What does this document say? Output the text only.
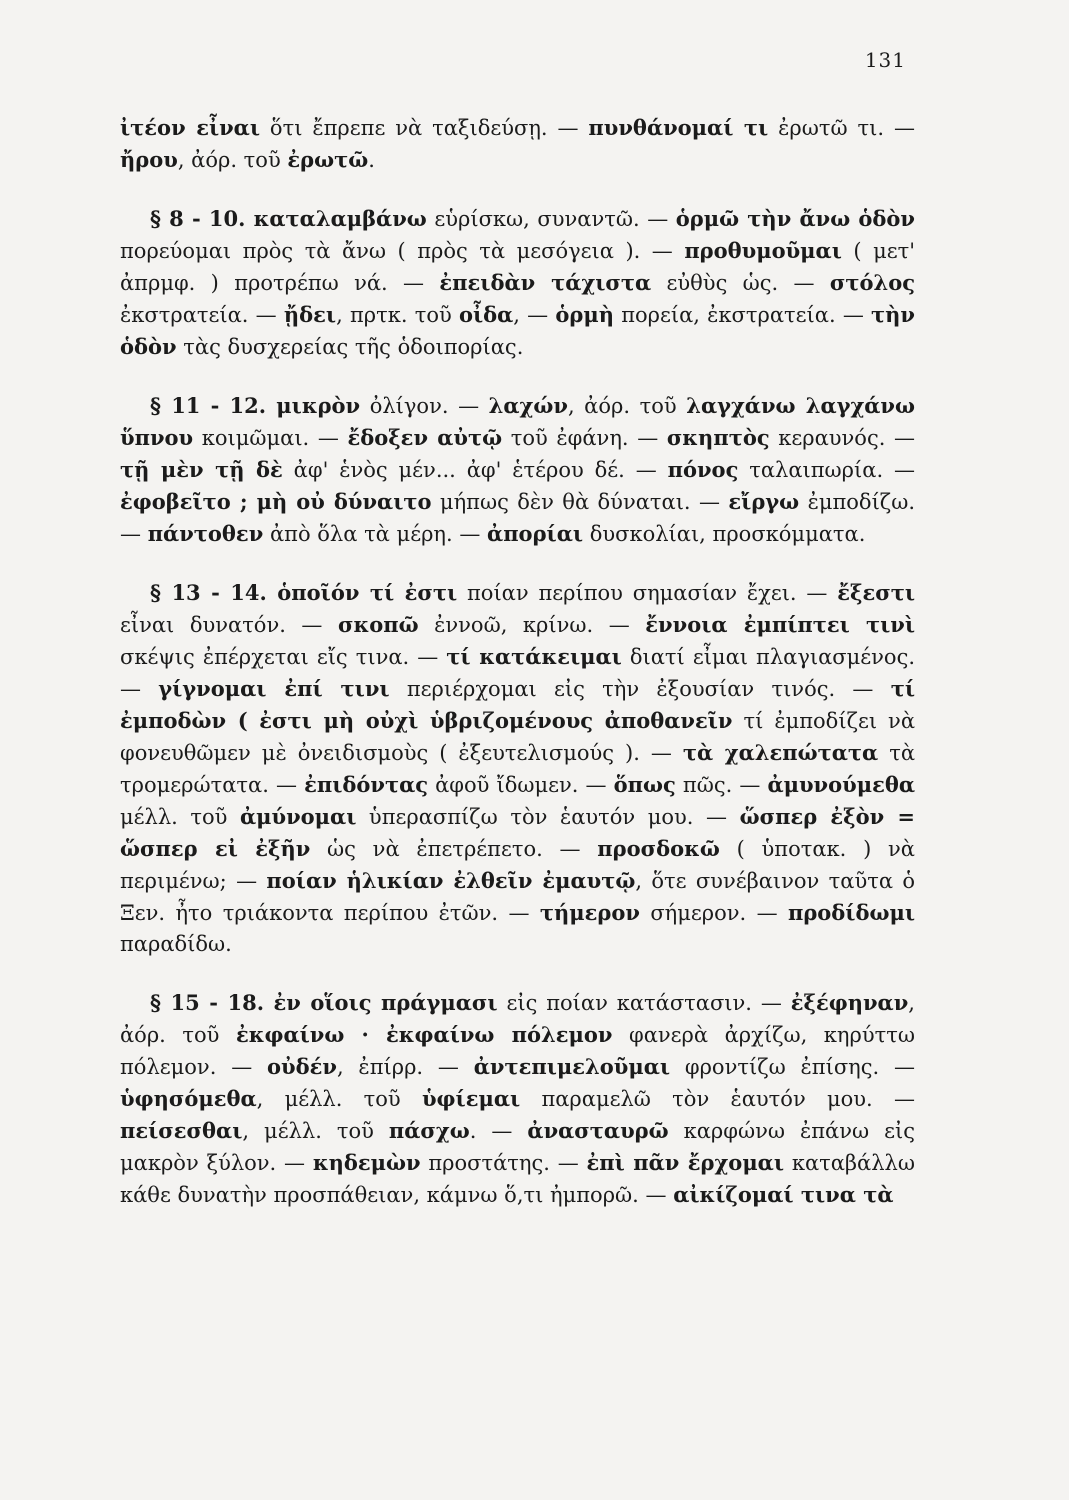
131

ἰτέον εἶναι ὅτι ἔπρεπε νὰ ταξιδεύσῃ. — πυνθάνομαί τι ἐρωτῶ τι. — ἤρου, ἀόρ. τοῦ ἐρωτῶ.

§ 8 - 10. καταλαμβάνω εὑρίσκω, συναντῶ. — ὁρμῶ τὴν ἄνω ὁδὸν πορεύομαι πρὸς τὰ ἄνω ( πρὸς τὰ μεσόγεια ). — προθυμοῦμαι ( μετ' ἀπρμφ. ) προτρέπω νά. — ἐπειδὰν τάχιστα εὐθὺς ὡς. — στόλος ἐκστρατεία. — ᾔδει, πρτκ. τοῦ οἶδα, — ὁρμὴ πορεία, ἐκστρατεία. — τὴν ὁδὸν τὰς δυσχερείας τῆς ὁδοιπορίας.

§ 11 - 12. μικρὸν ὀλίγον. — λαχών, ἀόρ. τοῦ λαγχάνω λαγχάνω ὕπνου κοιμῶμαι. — ἔδοξεν αὐτῷ τοῦ ἐφάνη. — σκηπτὸς κεραυνός. — τῇ μὲν τῇ δὲ ἀφ' ἑνὸς μέν... ἀφ' ἑτέρου δέ. — πόνος ταλαιπωρία. — ἐφοβεῖτο ; μὴ οὐ δύναιτο μήπως δὲν θὰ δύναται. — εἴργω ἐμποδίζω. — πάντοθεν ἀπὸ ὅλα τὰ μέρη. — ἀπορίαι δυσκολίαι, προσκόμματα.

§ 13 - 14. ὁποῖόν τί ἐστι ποίαν περίπου σημασίαν ἔχει. — ἔξεστι εἶναι δυνατόν. — σκοπῶ ἐννοῶ, κρίνω. — ἔννοια ἐμπίπτει τινὶ σκέψις ἐπέρχεται εἴς τινα. — τί κατάκειμαι διατί εἶμαι πλαγιασμένος. — γίγνομαι ἐπί τινι περιέρχομαι εἰς τὴν ἐξουσίαν τινός. — τί ἐμποδὼν ( ἐστι μὴ οὐχὶ ὑβριζομένους ἀποθανεῖν τί ἐμποδίζει νὰ φονευθῶμεν μὲ ὀνειδισμοὺς ( ἐξευτελισμούς ). — τὰ χαλεπώτατα τὰ τρομερώτατα. — ἐπιδόντας ἀφοῦ ἴδωμεν. — ὅπως πῶς. — ἀμυνούμεθα μέλλ. τοῦ ἀμύνομαι ὑπερασπίζω τὸν ἑαυτόν μου. — ὥσπερ ἐξὸν = ὥσπερ εἰ ἐξῆν ὡς νὰ ἐπετρέπετο. — προσδοκῶ ( ὑποτακ. ) νὰ περιμένω; — ποίαν ἡλικίαν ἐλθεῖν ἐμαυτῷ, ὅτε συνέβαινον ταῦτα ὁ Ξεν. ἦτο τριάκοντα περίπου ἐτῶν. — τήμερον σήμερον. — προδίδωμι παραδίδω.

§ 15 - 18. ἐν οἵοις πράγμασι εἰς ποίαν κατάστασιν. — ἐξέφηναν, ἀόρ. τοῦ ἐκφαίνω · ἐκφαίνω πόλεμον φανερὰ ἀρχίζω, κηρύττω πόλεμον. — οὐδέν, ἐπίρρ. — ἀντεπιμελοῦμαι φροντίζω ἐπίσης. — ὑφησόμεθα, μέλλ. τοῦ ὑφίεμαι παραμελῶ τὸν ἑαυτόν μου. — πείσεσθαι, μέλλ. τοῦ πάσχω. — ἀνασταυρῶ καρφώνω ἐπάνω εἰς μακρὸν ξύλον. — κηδεμὼν προστάτης. — ἐπὶ πᾶν ἔρχομαι καταβάλλω κάθε δυνατὴν προσπάθειαν, κάμνω ὅ,τι ἠμπορῶ. — αἰκίζομαί τινα τὰ
